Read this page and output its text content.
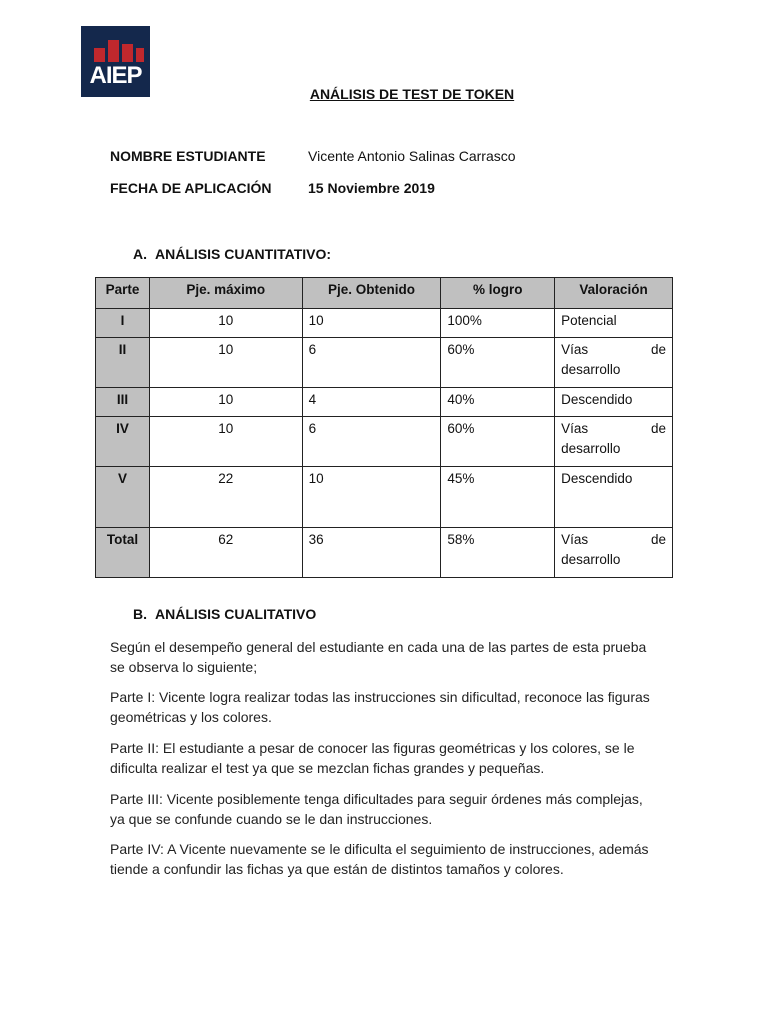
AIEP
ANÁLISIS DE TEST DE TOKEN
NOMBRE ESTUDIANTE	Vicente Antonio Salinas Carrasco
FECHA DE APLICACIÓN	15 Noviembre 2019
A. ANÁLISIS CUANTITATIVO:
Parte	Pje. máximo	Pje. Obtenido	% logro	Valoración
I	10	10	100%	Potencial
II	10	6	60%	Vías de
desarrollo

III	10	4	40%	Descendido
IV	10	6	60%	Vías de
desarrollo

V	22	10	45%	Descendido
Total	62	36	58%	Vías de
desarrollo
B. ANÁLISIS CUALITATIVO
Según el desempeño general del estudiante en cada una de las partes de esta prueba se observa lo siguiente;
Parte I: Vicente logra realizar todas las instrucciones sin dificultad, reconoce las figuras geométricas y los colores.
Parte II: El estudiante a pesar de conocer las figuras geométricas y los colores, se le dificulta realizar el test ya que se mezclan fichas grandes y pequeñas.
Parte III: Vicente posiblemente tenga dificultades para seguir órdenes más complejas, ya que se confunde cuando se le dan instrucciones.
Parte IV: A Vicente nuevamente se le dificulta el seguimiento de instrucciones, además tiende a confundir las fichas ya que están de distintos tamaños y colores.
